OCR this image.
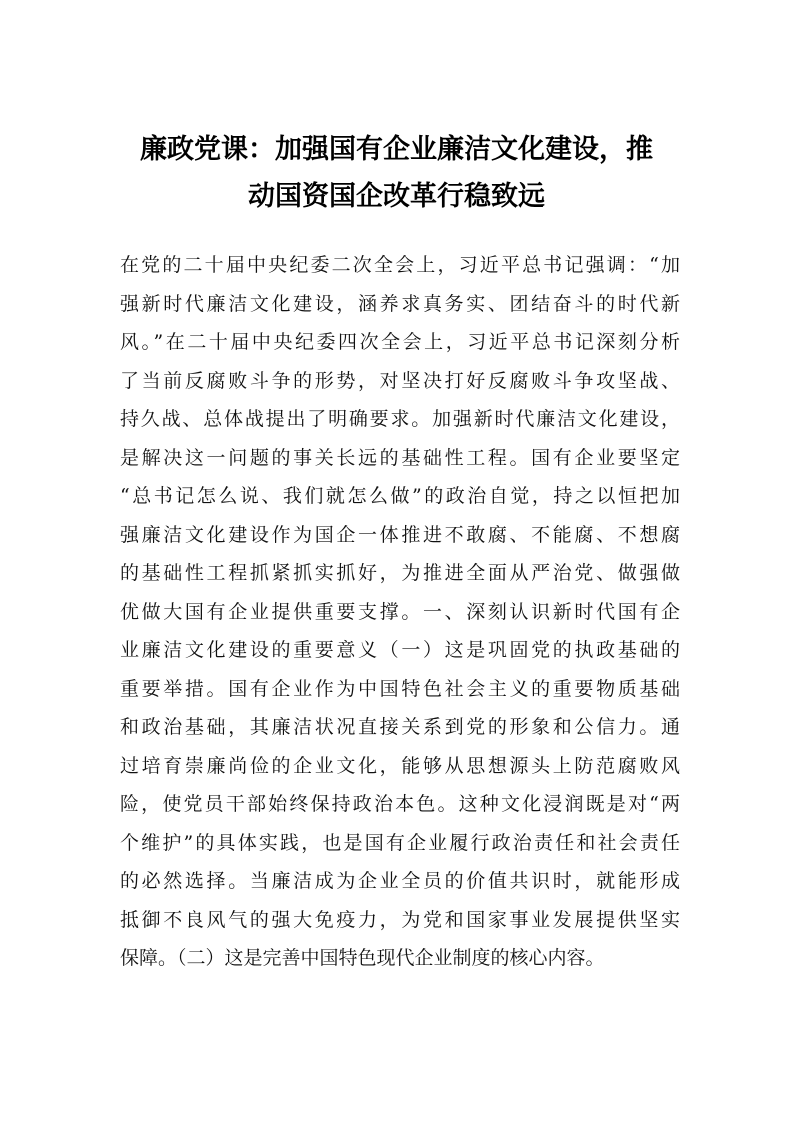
廉政党课：加强国有企业廉洁文化建设，推
动国资国企改革行稳致远
在党的二十届中央纪委二次全会上，习近平总书记强调：“加
强新时代廉洁文化建设，涵养求真务实、团结奋斗的时代新
风。”在二十届中央纪委四次全会上，习近平总书记深刻分析
了当前反腐败斗争的形势，对坚决打好反腐败斗争攻坚战、
持久战、总体战提出了明确要求。加强新时代廉洁文化建设，
是解决这一问题的事关长远的基础性工程。国有企业要坚定
“总书记怎么说、我们就怎么做”的政治自觉，持之以恒把加
强廉洁文化建设作为国企一体推进不敢腐、不能腐、不想腐
的基础性工程抓紧抓实抓好，为推进全面从严治党、做强做
优做大国有企业提供重要支撑。一、深刻认识新时代国有企
业廉洁文化建设的重要意义（一）这是巩固党的执政基础的
重要举措。国有企业作为中国特色社会主义的重要物质基础
和政治基础，其廉洁状况直接关系到党的形象和公信力。通
过培育崇廉尚俭的企业文化，能够从思想源头上防范腐败风
险，使党员干部始终保持政治本色。这种文化浸润既是对“两
个维护”的具体实践，也是国有企业履行政治责任和社会责任
的必然选择。当廉洁成为企业全员的价值共识时，就能形成
抵御不良风气的强大免疫力，为党和国家事业发展提供坚实
保障。（二）这是完善中国特色现代企业制度的核心内容。
